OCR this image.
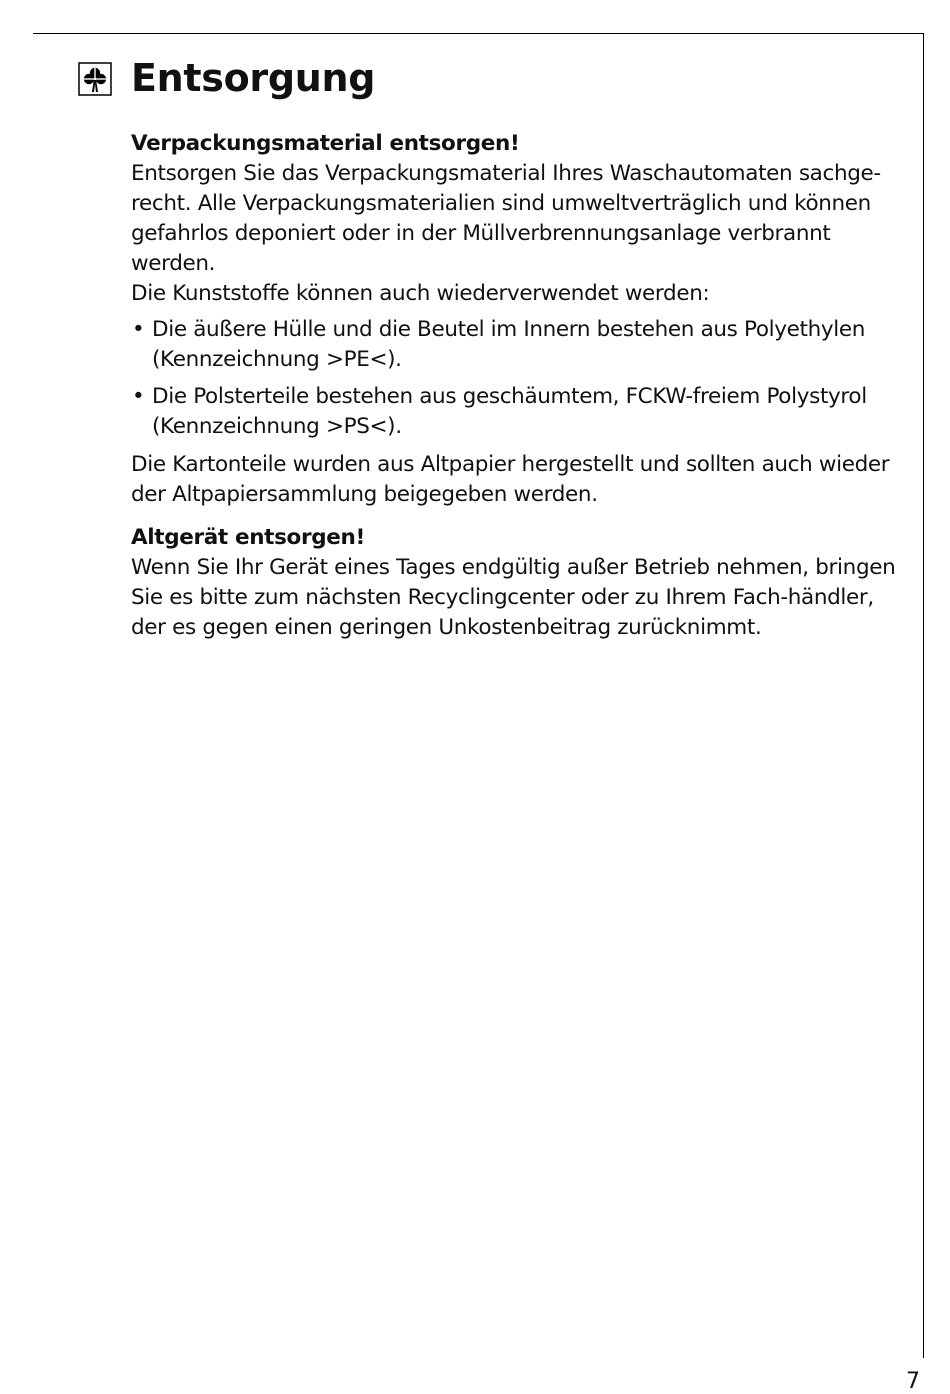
Entsorgung

Verpackungsmaterial entsorgen!

Entsorgen Sie das Verpackungsmaterial Ihres Waschautomaten sachge-recht. Alle Verpackungsmaterialien sind umweltverträglich und können gefahrlos deponiert oder in der Müllverbrennungsanlage verbrannt werden.

Die Kunststoffe können auch wiederverwendet werden:

• Die äußere Hülle und die Beutel im Innern bestehen aus Polyethylen (Kennzeichnung >PE<).
• Die Polsterteile bestehen aus geschäumtem, FCKW-freiem Polystyrol (Kennzeichnung >PS<).

Die Kartonteile wurden aus Altpapier hergestellt und sollten auch wieder der Altpapiersammlung beigegeben werden.

Altgerät entsorgen!

Wenn Sie Ihr Gerät eines Tages endgültig außer Betrieb nehmen, bringen Sie es bitte zum nächsten Recyclingcenter oder zu Ihrem Fach-händler, der es gegen einen geringen Unkostenbeitrag zurücknimmt.

7
